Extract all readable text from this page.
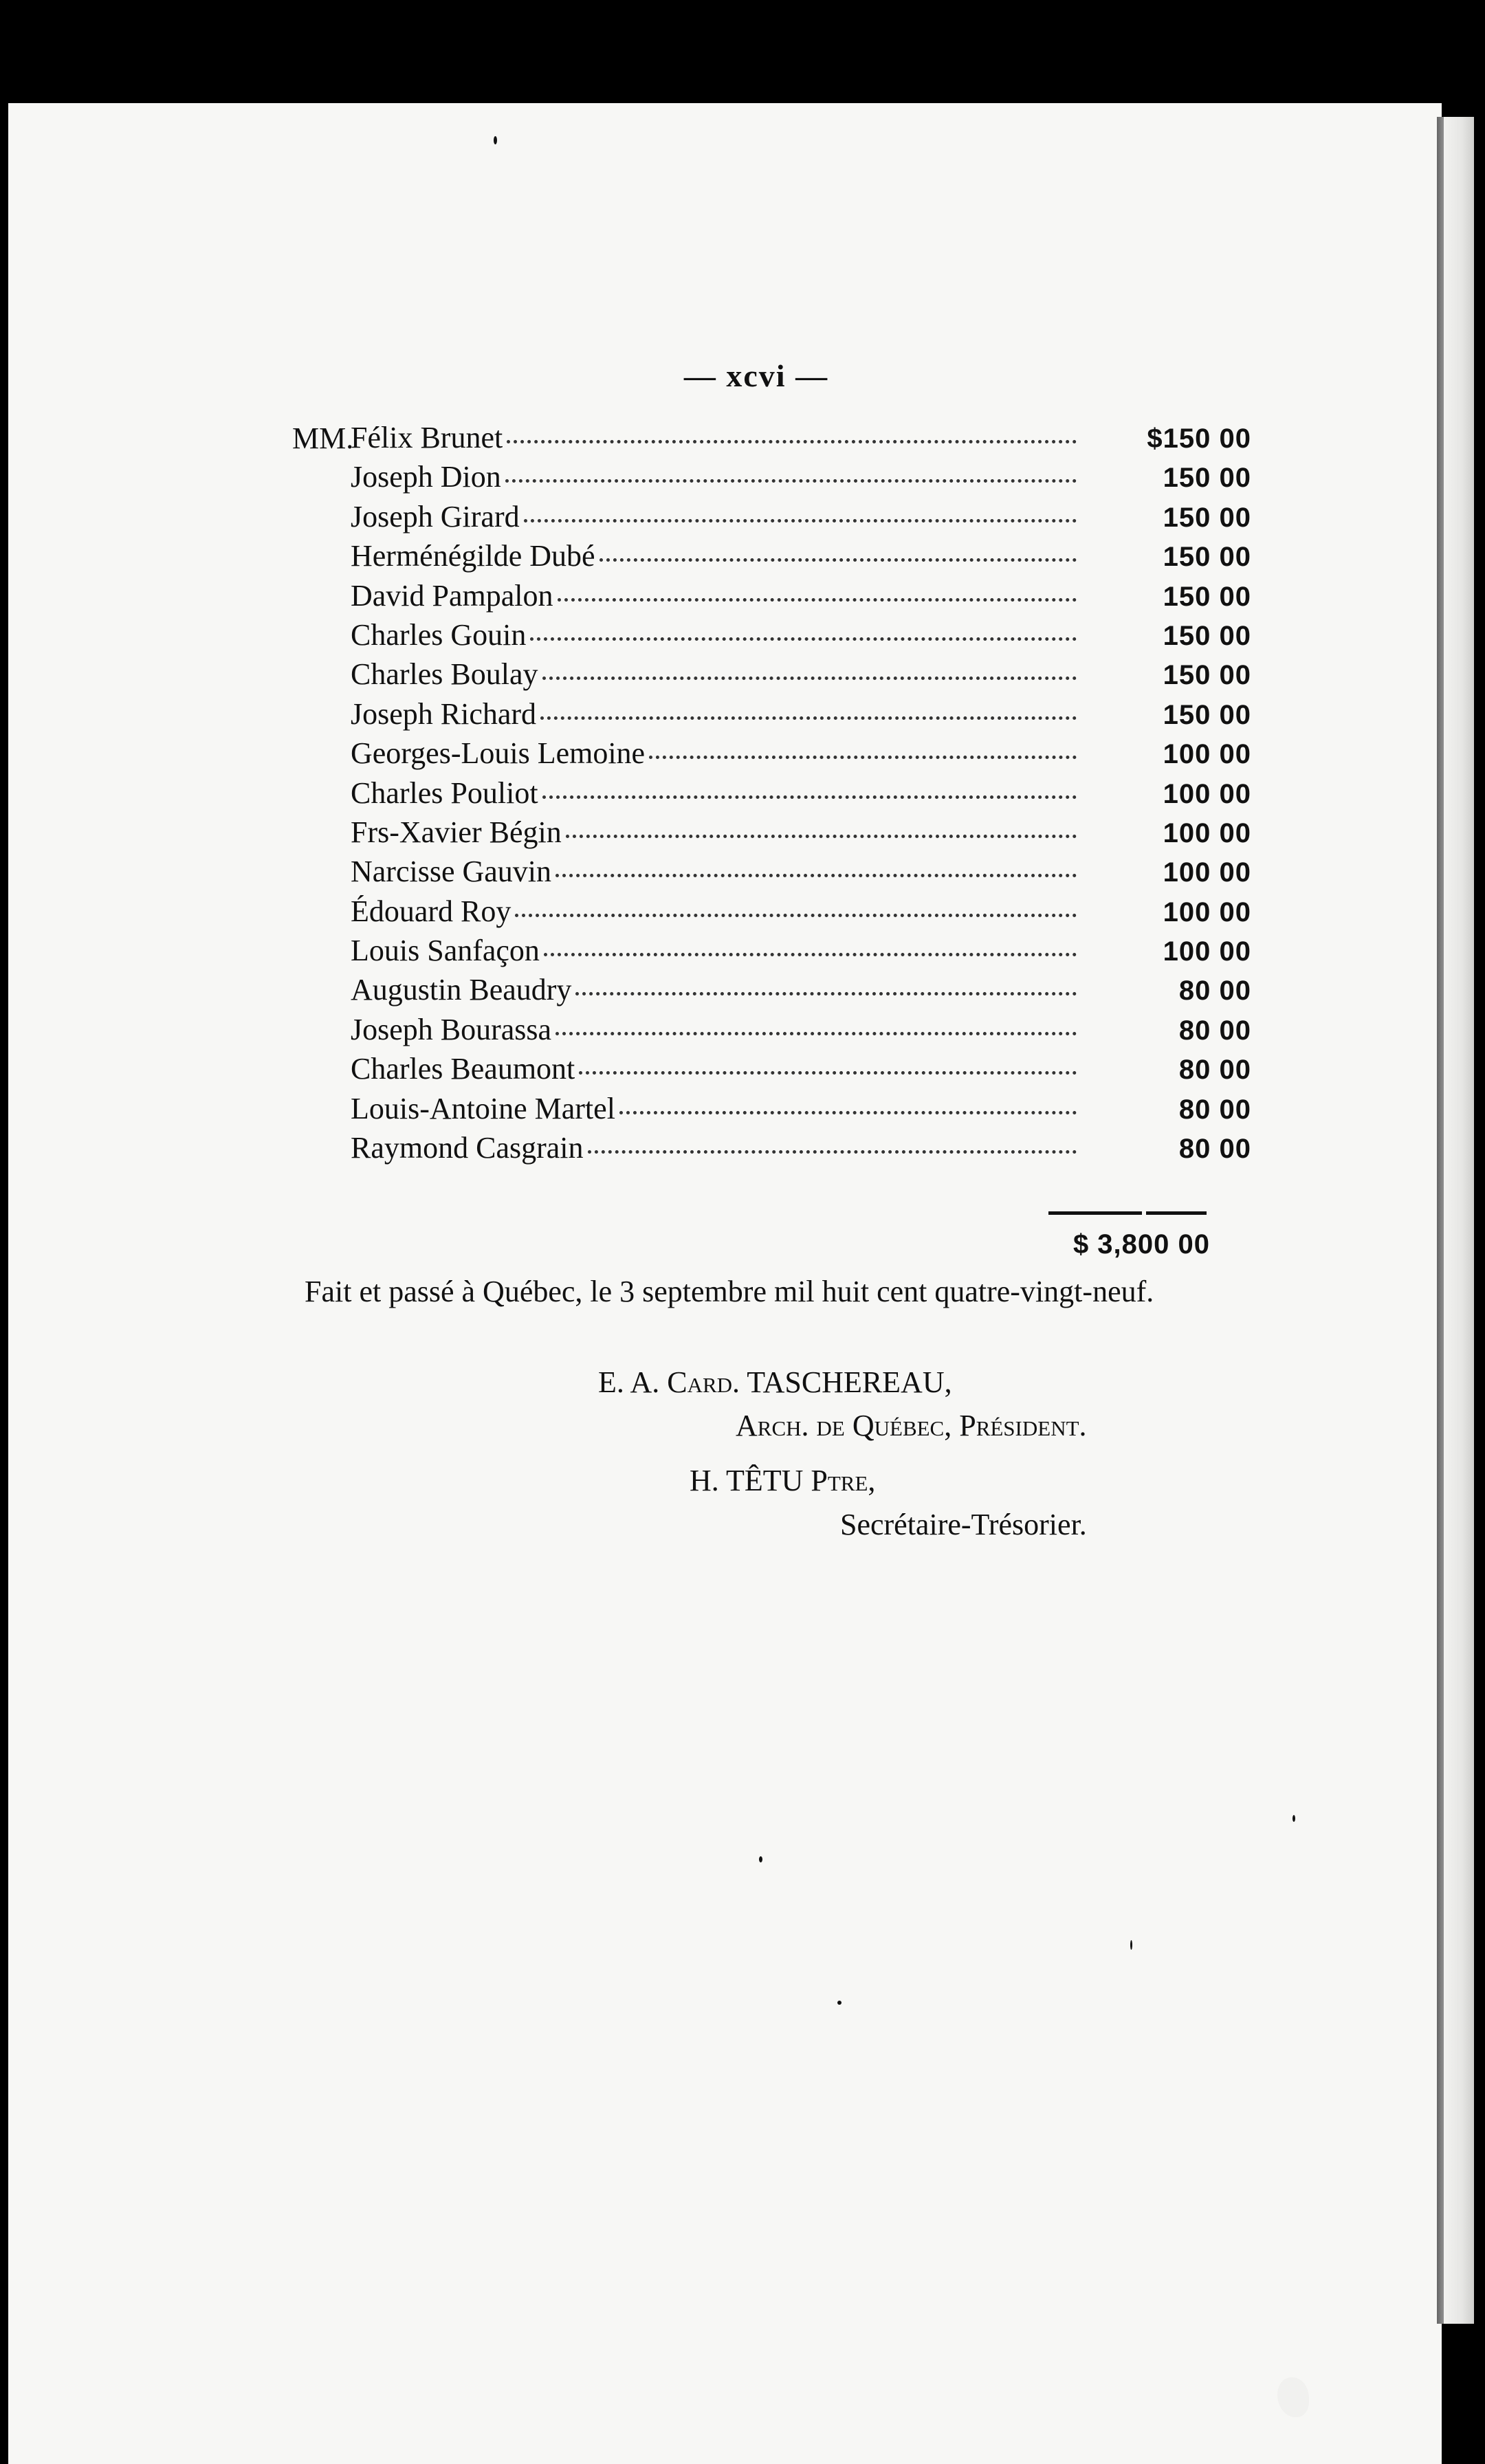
— xcvi —
MM.
Félix Brunet	$150 00
Joseph Dion	150 00
Joseph Girard	150 00
Herménégilde Dubé	150 00
David Pampalon	150 00
Charles Gouin	150 00
Charles Boulay	150 00
Joseph Richard	150 00
Georges-Louis Lemoine	100 00
Charles Pouliot	100 00
Frs-Xavier Bégin	100 00
Narcisse Gauvin	100 00
Édouard Roy	100 00
Louis Sanfaçon	100 00
Augustin Beaudry	80 00
Joseph Bourassa	80 00
Charles Beaumont	80 00
Louis-Antoine Martel	80 00
Raymond Casgrain	80 00
$ 3,800 00

Fait et passé à Québec, le 3 septembre mil huit cent quatre-vingt-neuf.

E. A. Card. TASCHEREAU,
Arch. de Québec, Président.
H. TÊTU Ptre,
Secrétaire-Trésorier.
